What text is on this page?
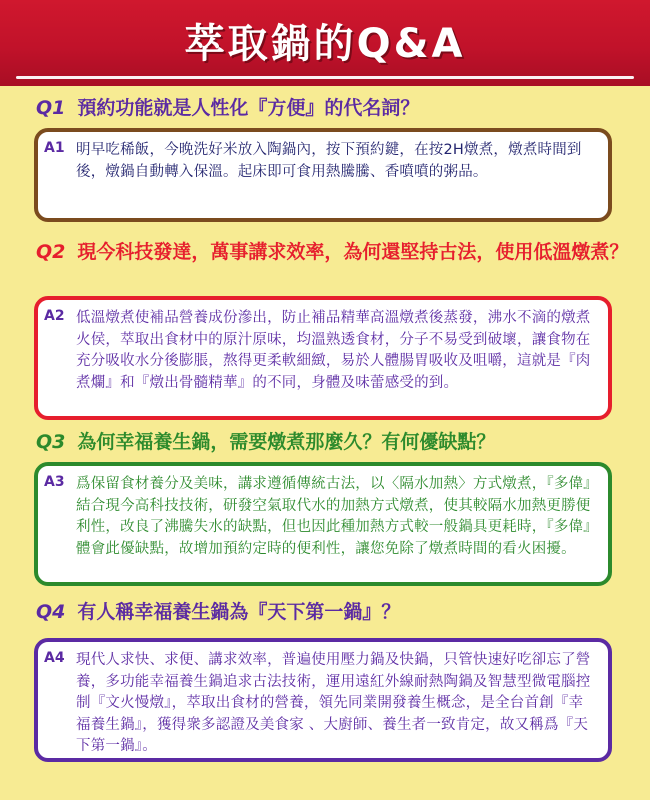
萃取鍋的Q&A
Q1 預約功能就是人性化『方便』的代名詞？
A1 明早吃稀飯，今晚洗好米放入陶鍋內，按下預約鍵，在按2H燉煮，燉煮時間到後，燉鍋自動轉入保溫。起床即可食用熱騰騰、香噴噴的粥品。
Q2 現今科技發達，萬事講求效率，為何還堅持古法，使用低溫燉煮？
A2 低溫燉煮使補品營養成份滲出，防止補品精華高溫燉煮後蒸發，沸水不滴的燉煮火侯，萃取出食材中的原汁原味，均溫熟透食材，分子不易受到破壞，讓食物在充分吸收水分後膨脹，熬得更柔軟細緻，易於人體腸胃吸收及咀嚼，這就是『肉煮爛』和『燉出骨髓精華』的不同，身體及味蕾感受的到。
Q3 為何幸福養生鍋，需要燉煮那麼久？有何優缺點？
A3 爲保留食材養分及美味，講求遵循傳統古法，以〈隔水加熱〉方式燉煮，『多偉』結合現今高科技技術，研發空氣取代水的加熱方式燉煮，使其較隔水加熱更勝便利性，改良了沸騰失水的缺點，但也因此種加熱方式較一般鍋具更耗時，『多偉』體會此優缺點，故增加預約定時的便利性，讓您免除了燉煮時間的看火困擾。
Q4 有人稱幸福養生鍋為『天下第一鍋』？
A4 現代人求快、求便、講求效率，普遍使用壓力鍋及快鍋，只管快速好吃卻忘了營養，多功能幸福養生鍋追求古法技術，運用遠紅外線耐熱陶鍋及智慧型微電腦控制『文火慢燉』，萃取出食材的營養，領先同業開發養生概念，是全台首創『幸福養生鍋』，獲得衆多認證及美食家 、大廚師、養生者一致肯定，故又稱爲『天下第一鍋』。
